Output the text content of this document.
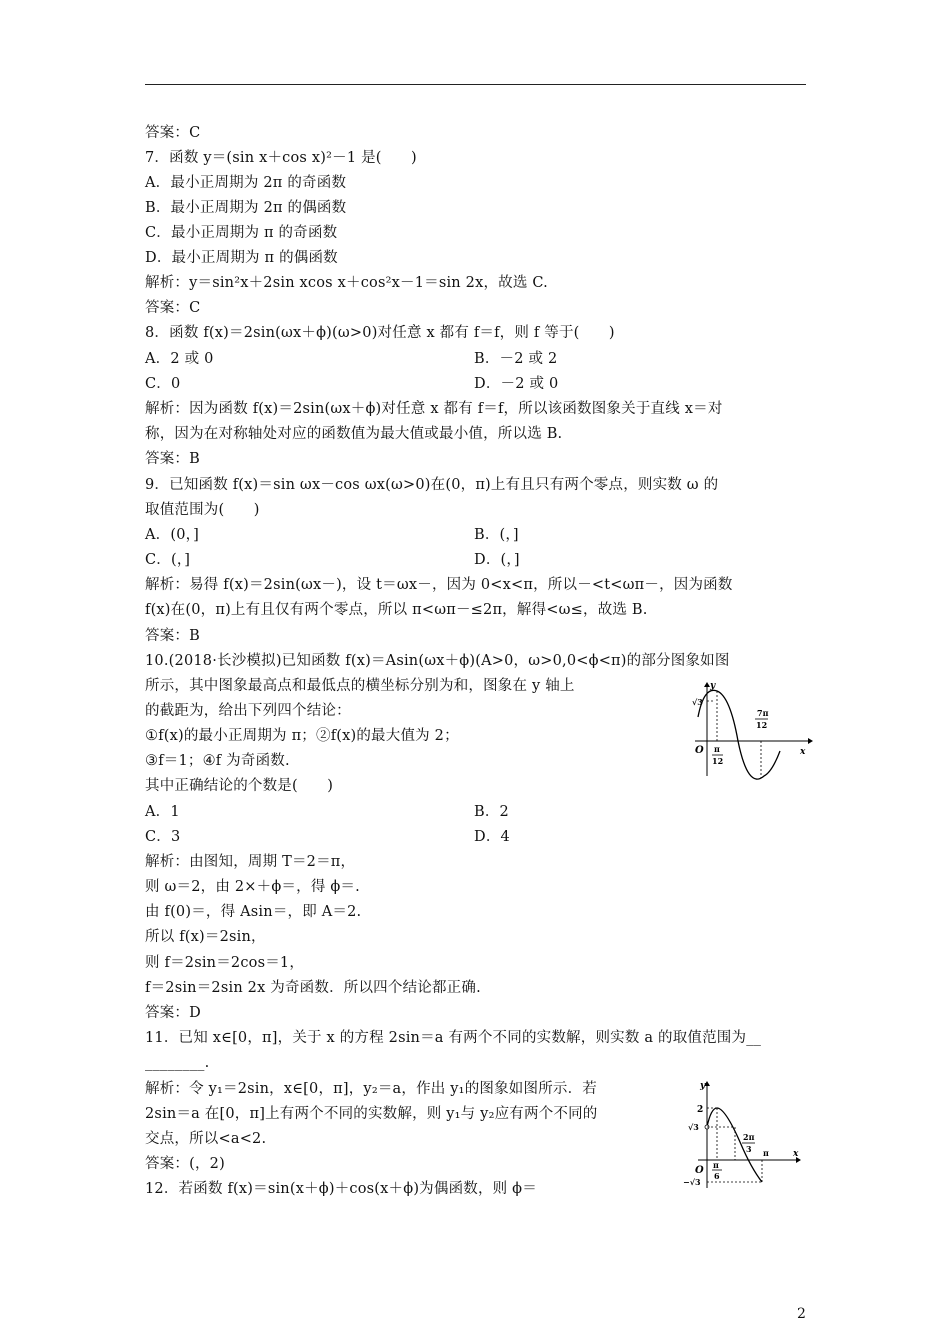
答案：C
7．函数 y＝(sin x＋cos x)²－1 是(　　)
A．最小正周期为 2π 的奇函数
B．最小正周期为 2π 的偶函数
C．最小正周期为 π 的奇函数
D．最小正周期为 π 的偶函数
解析：y＝sin²x＋2sin xcos x＋cos²x－1＝sin 2x，故选 C.
答案：C
8．函数 f(x)＝2sin(ωx＋ϕ)(ω>0)对任意 x 都有 f＝f，则 f 等于(　　)
A．2 或 0	B．－2 或 2
C．0	D．－2 或 0
解析：因为函数 f(x)＝2sin(ωx＋ϕ)对任意 x 都有 f＝f，所以该函数图象关于直线 x＝对
称，因为在对称轴处对应的函数值为最大值或最小值，所以选 B.
答案：B
9．已知函数 f(x)＝sin ωx－cos ωx(ω>0)在(0，π)上有且只有两个零点，则实数 ω 的
取值范围为(　　)
A．(0，]	B．(，]
C．(，]	D．(，]
解析：易得 f(x)＝2sin(ωx－)，设 t＝ωx－，因为 0<x<π，所以－<t<ωπ－，因为函数
f(x)在(0，π)上有且仅有两个零点，所以 π<ωπ－≤2π，解得<ω≤，故选 B.
答案：B
10.(2018·长沙模拟)已知函数 f(x)＝Asin(ωx＋ϕ)(A>0，ω>0,0<ϕ<π)的部分图象如图
所示，其中图象最高点和最低点的横坐标分别为和，图象在 y 轴上
的截距为，给出下列四个结论：
①f(x)的最小正周期为 π；②f(x)的最大值为 2；
③f＝1；④f 为奇函数.
其中正确结论的个数是(　　)
A．1	B．2
C．3	D．4
解析：由图知，周期 T＝2＝π，
则 ω＝2，由 2×＋ϕ＝，得 ϕ＝.
由 f(0)＝，得 Asin＝，即 A＝2.
所以 f(x)＝2sin，
则 f＝2sin＝2cos＝1，
f＝2sin＝2sin 2x 为奇函数．所以四个结论都正确.
答案：D
11．已知 x∈[0，π]，关于 x 的方程 2sin＝a 有两个不同的实数解，则实数 a 的取值范围为__
________.
解析：令 y₁＝2sin，x∈[0，π]，y₂＝a，作出 y₁的图象如图所示．若
2sin＝a 在[0，π]上有两个不同的实数解，则 y₁与 y₂应有两个不同的
交点，所以<a<2.
答案：(，2)
12．若函数 f(x)＝sin(x＋ϕ)＋cos(x＋ϕ)为偶函数，则 ϕ＝
y
x
O
√3
π
12
7π
12
y
x
O
2
√3
−√3
π
6
2π
3 π
2
